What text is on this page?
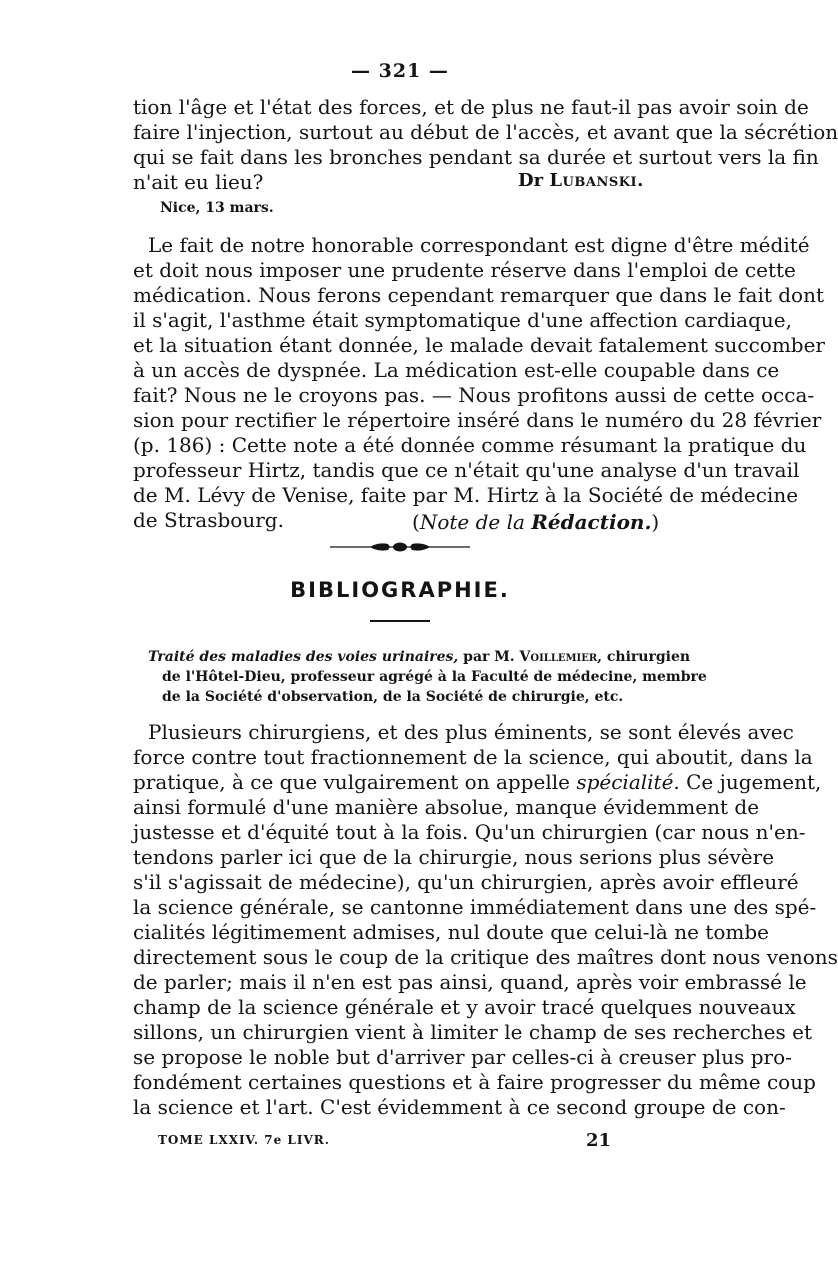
— 321 —
tion l'âge et l'état des forces, et de plus ne faut-il pas avoir soin de
faire l'injection, surtout au début de l'accès, et avant que la sécrétion
qui se fait dans les bronches pendant sa durée et surtout vers la fin
n'ait eu lieu?	Dr Lubanski.
Nice, 13 mars.
Le fait de notre honorable correspondant est digne d'être médité
et doit nous imposer une prudente réserve dans l'emploi de cette
médication. Nous ferons cependant remarquer que dans le fait dont
il s'agit, l'asthme était symptomatique d'une affection cardiaque,
et la situation étant donnée, le malade devait fatalement succomber
à un accès de dyspnée. La médication est-elle coupable dans ce
fait? Nous ne le croyons pas. — Nous profitons aussi de cette occa-
sion pour rectifier le répertoire inséré dans le numéro du 28 février
(p. 186) : Cette note a été donnée comme résumant la pratique du
professeur Hirtz, tandis que ce n'était qu'une analyse d'un travail
de M. Lévy de Venise, faite par M. Hirtz à la Société de médecine
de Strasbourg.	(Note de la Rédaction.)
BIBLIOGRAPHIE.
Traité des maladies des voies urinaires, par M. Voillemier, chirurgien
de l'Hôtel-Dieu, professeur agrégé à la Faculté de médecine, membre
de la Société d'observation, de la Société de chirurgie, etc.
Plusieurs chirurgiens, et des plus éminents, se sont élevés avec
force contre tout fractionnement de la science, qui aboutit, dans la
pratique, à ce que vulgairement on appelle spécialité. Ce jugement,
ainsi formulé d'une manière absolue, manque évidemment de
justesse et d'équité tout à la fois. Qu'un chirurgien (car nous n'en-
tendons parler ici que de la chirurgie, nous serions plus sévère
s'il s'agissait de médecine), qu'un chirurgien, après avoir effleuré
la science générale, se cantonne immédiatement dans une des spé-
cialités légitimement admises, nul doute que celui-là ne tombe
directement sous le coup de la critique des maîtres dont nous venons
de parler; mais il n'en est pas ainsi, quand, après voir embrassé le
champ de la science générale et y avoir tracé quelques nouveaux
sillons, un chirurgien vient à limiter le champ de ses recherches et
se propose le noble but d'arriver par celles-ci à creuser plus pro-
fondément certaines questions et à faire progresser du même coup
la science et l'art. C'est évidemment à ce second groupe de con-
TOME LXXIV. 7e LIVR.	21
